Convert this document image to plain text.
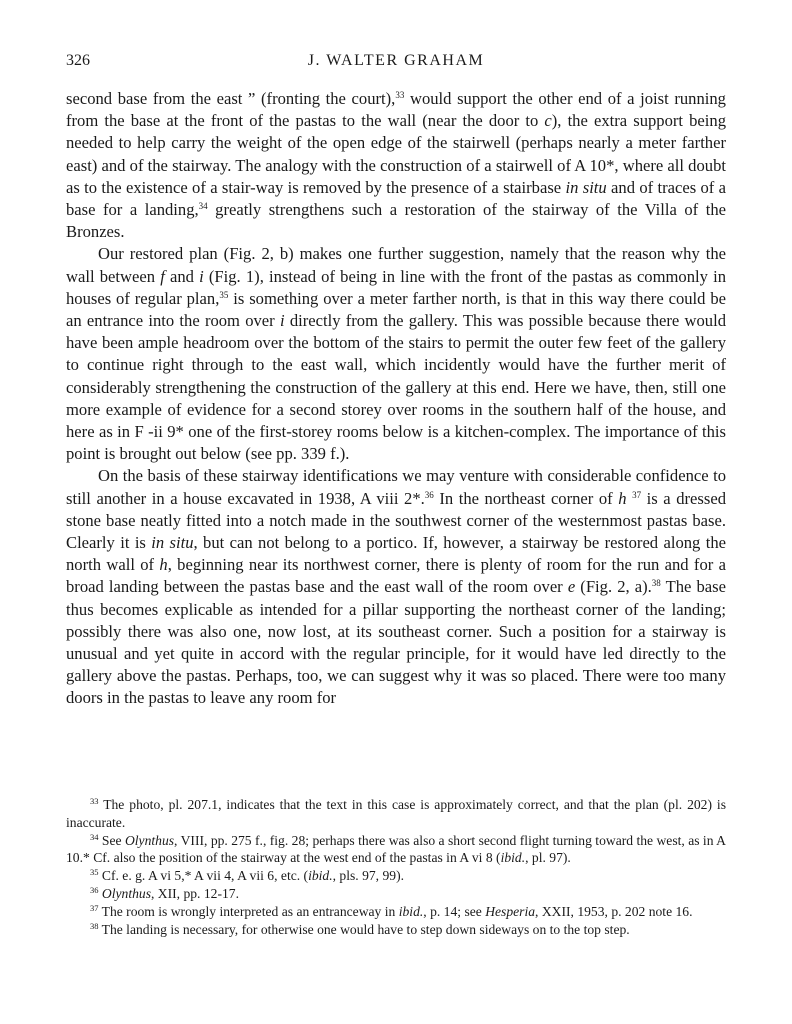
326	J. WALTER GRAHAM

second base from the east ” (fronting the court),$^{33}$ would support the other end of a joist running from the base at the front of the pastas to the wall (near the door to c), the extra support being needed to help carry the weight of the open edge of the stairwell (perhaps nearly a meter farther east) and of the stairway. The analogy with the construction of a stairwell of A 10*, where all doubt as to the existence of a stair-way is removed by the presence of a stairbase in situ and of traces of a base for a landing,$^{34}$ greatly strengthens such a restoration of the stairway of the Villa of the Bronzes.

Our restored plan (Fig. 2, b) makes one further suggestion, namely that the reason why the wall between f and i (Fig. 1), instead of being in line with the front of the pastas as commonly in houses of regular plan,$^{35}$ is something over a meter farther north, is that in this way there could be an entrance into the room over i directly from the gallery. This was possible because there would have been ample headroom over the bottom of the stairs to permit the outer few feet of the gallery to continue right through to the east wall, which incidently would have the further merit of considerably strengthening the construction of the gallery at this end. Here we have, then, still one more example of evidence for a second storey over rooms in the southern half of the house, and here as in F -ii 9* one of the first-storey rooms below is a kitchen-complex. The importance of this point is brought out below (see pp. 339 f.).

On the basis of these stairway identifications we may venture with considerable confidence to still another in a house excavated in 1938, A viii 2*.$^{36}$ In the northeast corner of h $^{37}$ is a dressed stone base neatly fitted into a notch made in the southwest corner of the westernmost pastas base. Clearly it is in situ, but can not belong to a portico. If, however, a stairway be restored along the north wall of h, beginning near its northwest corner, there is plenty of room for the run and for a broad landing between the pastas base and the east wall of the room over e (Fig. 2, a).$^{38}$ The base thus becomes explicable as intended for a pillar supporting the northeast corner of the landing; possibly there was also one, now lost, at its southeast corner. Such a position for a stairway is unusual and yet quite in accord with the regular principle, for it would have led directly to the gallery above the pastas. Perhaps, too, we can suggest why it was so placed. There were too many doors in the pastas to leave any room for

$^{33}$ The photo, pl. 207.1, indicates that the text in this case is approximately correct, and that the plan (pl. 202) is inaccurate.

$^{34}$ See Olynthus, VIII, pp. 275 f., fig. 28; perhaps there was also a short second flight turning toward the west, as in A 10.* Cf. also the position of the stairway at the west end of the pastas in A vi 8 (ibid., pl. 97).

$^{35}$ Cf. e. g. A vi 5,* A vii 4, A vii 6, etc. (ibid., pls. 97, 99).

$^{36}$ Olynthus, XII, pp. 12-17.

$^{37}$ The room is wrongly interpreted as an entranceway in ibid., p. 14; see Hesperia, XXII, 1953, p. 202 note 16.

$^{38}$ The landing is necessary, for otherwise one would have to step down sideways on to the top step.
